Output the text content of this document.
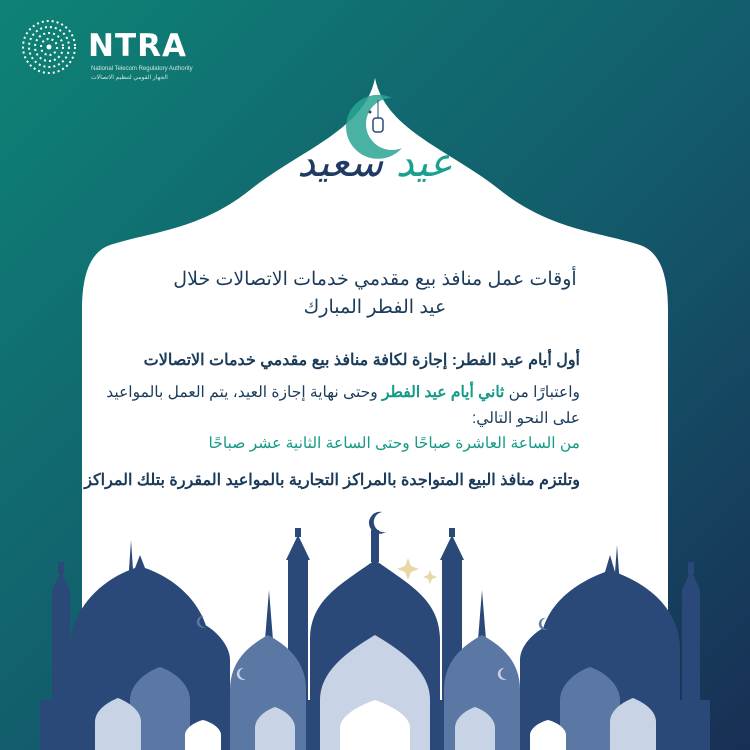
NTRA
National Telecom Regulatory Authority
الجهاز القومي لتنظيم الاتصالات
عيد سعيد
أوقات عمل منافذ بيع مقدمي خدمات الاتصالات خلال
عيد الفطر المبارك
أول أيام عيد الفطر: إجازة لكافة منافذ بيع مقدمي خدمات الاتصالات
واعتبارًا من ثاني أيام عيد الفطر وحتى نهاية إجازة العيد، يتم العمل بالمواعيد
على النحو التالي:
من الساعة العاشرة صباحًا وحتى الساعة الثانية عشر صباحًا
وتلتزم منافذ البيع المتواجدة بالمراكز التجارية بالمواعيد المقررة بتلك المراكز
